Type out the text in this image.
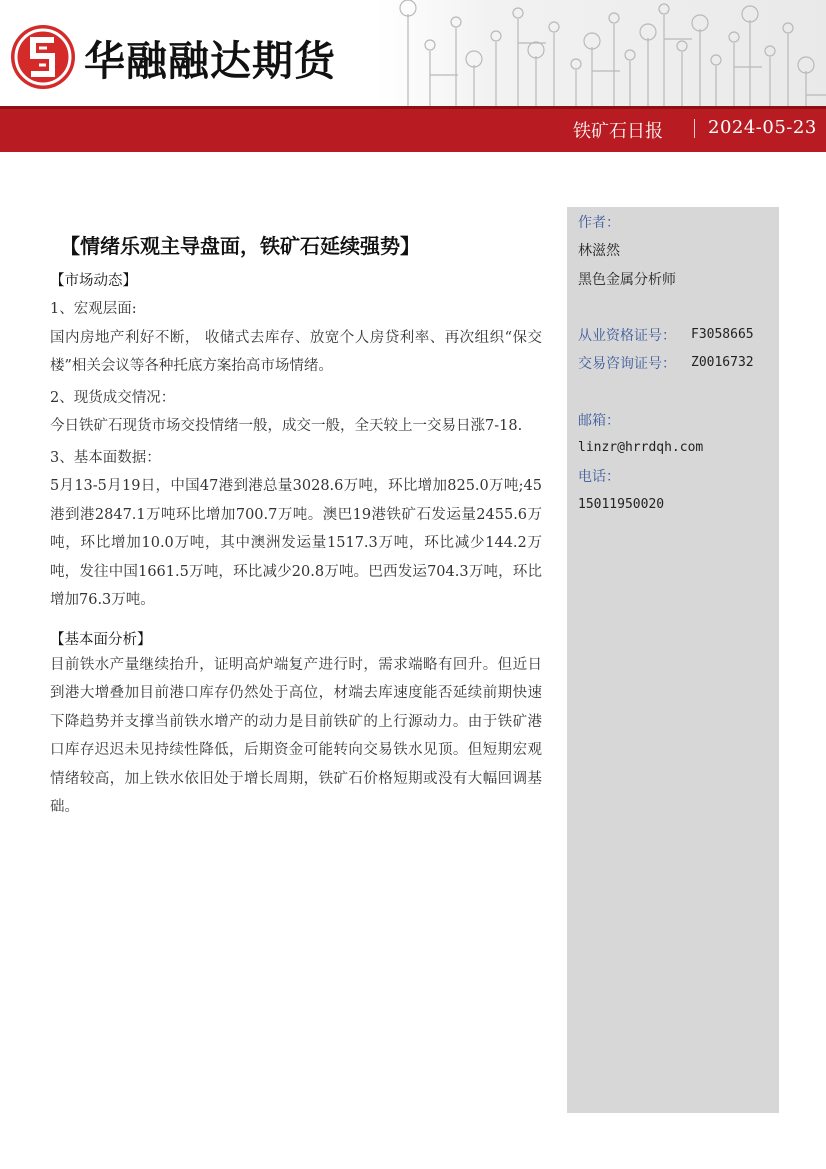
华融融达期货
铁矿石日报	2024-05-23
【情绪乐观主导盘面，铁矿石延续强势】
【市场动态】
1、宏观层面:
国内房地产利好不断， 收储式去库存、放宽个人房贷利率、再次组织“保交楼”相关会议等各种托底方案抬高市场情绪。
2、现货成交情况：
今日铁矿石现货市场交投情绪一般，成交一般，全天较上一交易日涨7-18.
3、基本面数据：
5月13-5月19日，中国47港到港总量3028.6万吨，环比增加825.0万吨;45港到港2847.1万吨环比增加700.7万吨。澳巴19港铁矿石发运量2455.6万吨，环比增加10.0万吨，其中澳洲发运量1517.3万吨，环比减少144.2万吨，发往中国1661.5万吨，环比减少20.8万吨。巴西发运704.3万吨，环比增加76.3万吨。
【基本面分析】
目前铁水产量继续抬升，证明高炉端复产进行时，需求端略有回升。但近日到港大增叠加目前港口库存仍然处于高位，材端去库速度能否延续前期快速下降趋势并支撑当前铁水增产的动力是目前铁矿的上行源动力。由于铁矿港口库存迟迟未见持续性降低，后期资金可能转向交易铁水见顶。但短期宏观情绪较高，加上铁水依旧处于增长周期，铁矿石价格短期或没有大幅回调基础。
作者：
林滋然
黑色金属分析师
从业资格证号： F3058665
交易咨询证号： Z0016732
邮箱：
linzr@hrrdqh.com
电话：
15011950020
